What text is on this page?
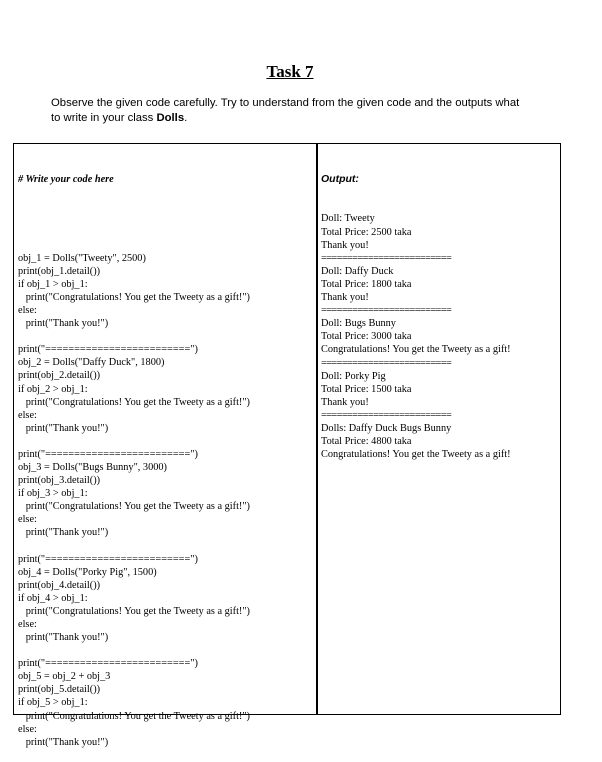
Task 7
Observe the given code carefully. Try to understand from the given code and the outputs what to write in your class Dolls.

# Write your code here

obj_1 = Dolls("Tweety", 2500)
print(obj_1.detail())
if obj_1 > obj_1:
print("Congratulations! You get the Tweety as a gift!")
else:
print("Thank you!")
print("=========================")
obj_2 = Dolls("Daffy Duck", 1800)
print(obj_2.detail())
if obj_2 > obj_1:
print("Congratulations! You get the Tweety as a gift!")
else:
print("Thank you!")
print("=========================")
obj_3 = Dolls("Bugs Bunny", 3000)
print(obj_3.detail())
if obj_3 > obj_1:
print("Congratulations! You get the Tweety as a gift!")
else:
print("Thank you!")
print("=========================")
obj_4 = Dolls("Porky Pig", 1500)
print(obj_4.detail())
if obj_4 > obj_1:
print("Congratulations! You get the Tweety as a gift!")
else:
print("Thank you!")
print("=========================")
obj_5 = obj_2 + obj_3
print(obj_5.detail())
if obj_5 > obj_1:
print("Congratulations! You get the Tweety as a gift!")
else:
print("Thank you!")

Output:

Doll: Tweety
Total Price: 2500 taka
Thank you!
=========================
Doll: Daffy Duck
Total Price: 1800 taka
Thank you!
=========================
Doll: Bugs Bunny
Total Price: 3000 taka
Congratulations! You get the Tweety as a gift!
=========================
Doll: Porky Pig
Total Price: 1500 taka
Thank you!
=========================
Dolls: Daffy Duck Bugs Bunny
Total Price: 4800 taka
Congratulations! You get the Tweety as a gift!
